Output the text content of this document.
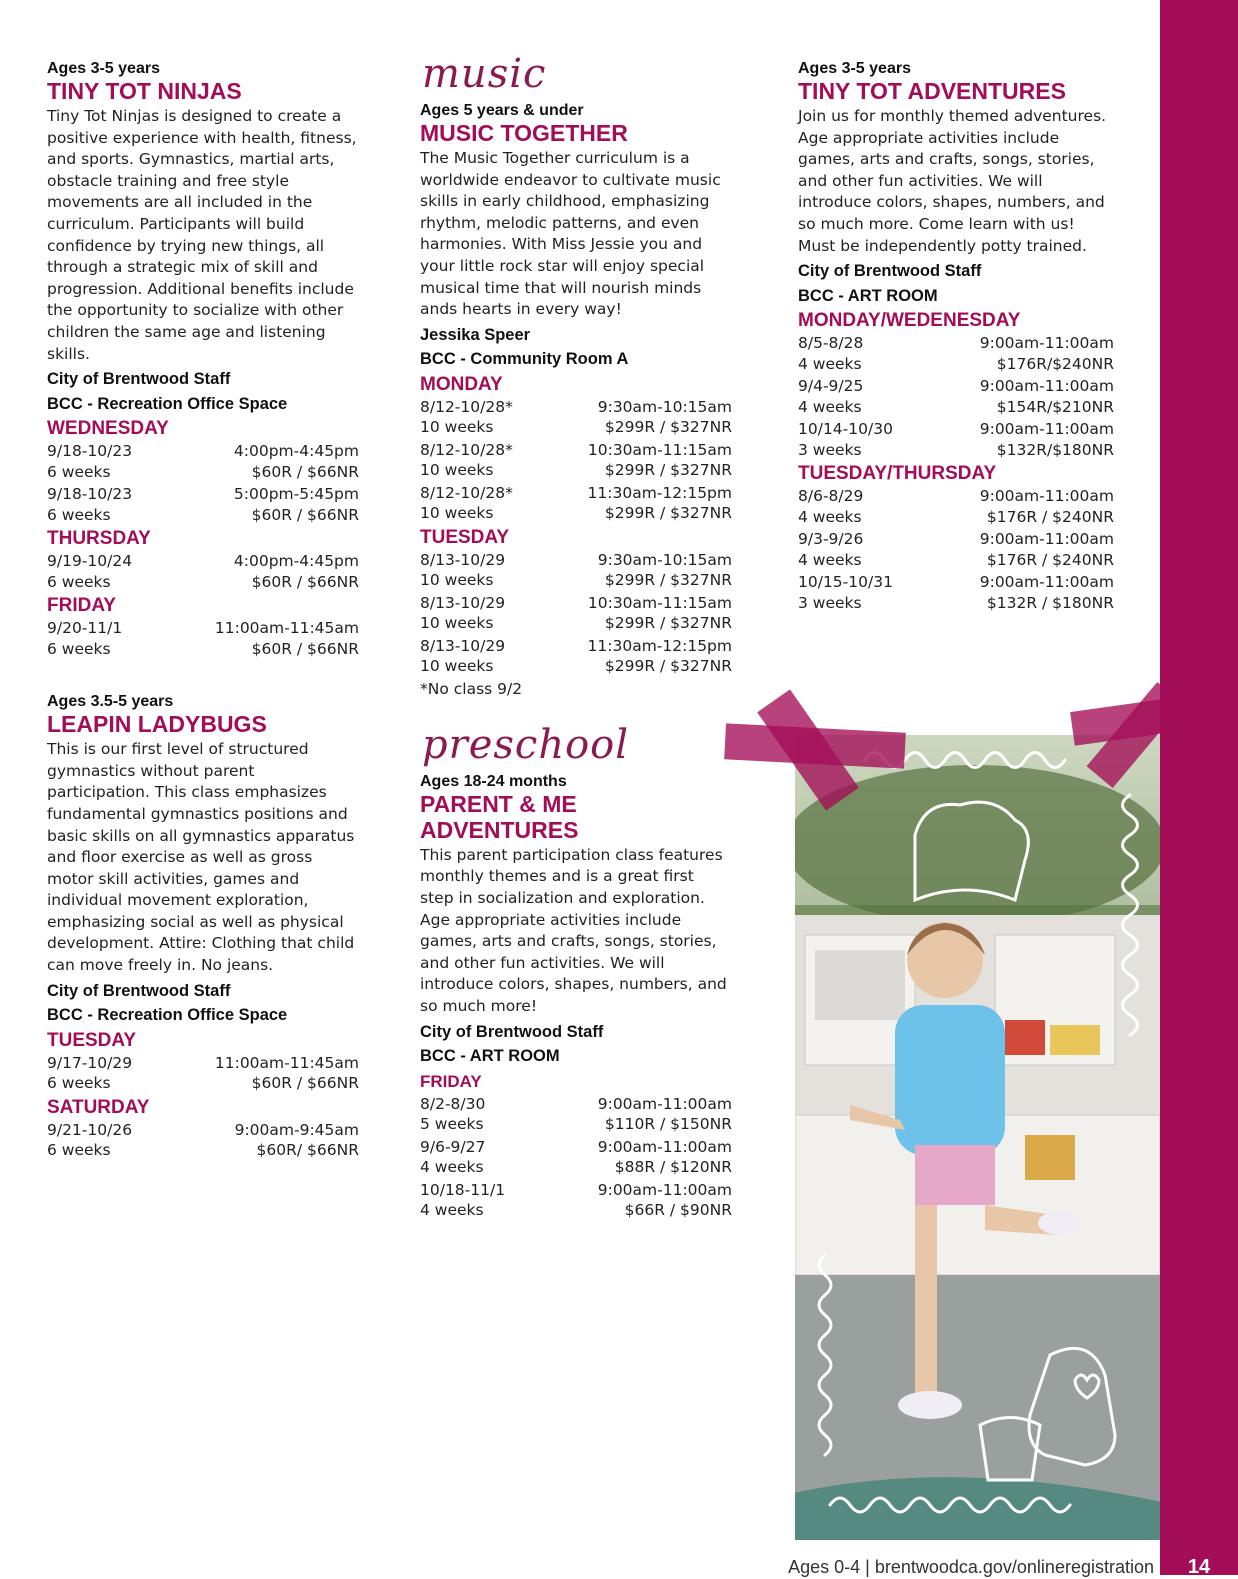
Ages 3-5 years
TINY TOT NINJAS
Tiny Tot Ninjas is designed to create a positive experience with health, fitness, and sports. Gymnastics, martial arts, obstacle training and free style movements are all included in the curriculum. Participants will build confidence by trying new things, all through a strategic mix of skill and progression. Additional benefits include the opportunity to socialize with other children the same age and listening skills.
City of Brentwood Staff
BCC - Recreation Office Space
WEDNESDAY
9/18-10/23	4:00pm-4:45pm
6 weeks	$60R / $66NR
9/18-10/23	5:00pm-5:45pm
6 weeks	$60R / $66NR
THURSDAY
9/19-10/24	4:00pm-4:45pm
6 weeks	$60R / $66NR
FRIDAY
9/20-11/1	11:00am-11:45am
6 weeks	$60R / $66NR
Ages 3.5-5 years
LEAPIN LADYBUGS
This is our first level of structured gymnastics without parent participation. This class emphasizes fundamental gymnastics positions and basic skills on all gymnastics apparatus and floor exercise as well as gross motor skill activities, games and individual movement exploration, emphasizing social as well as physical development. Attire: Clothing that child can move freely in. No jeans.
City of Brentwood Staff
BCC - Recreation Office Space
TUESDAY
9/17-10/29	11:00am-11:45am
6 weeks	$60R / $66NR
SATURDAY
9/21-10/26	9:00am-9:45am
6 weeks	$60R/ $66NR
music
Ages 5 years & under
MUSIC TOGETHER
The Music Together curriculum is a worldwide endeavor to cultivate music skills in early childhood, emphasizing rhythm, melodic patterns, and even harmonies. With Miss Jessie you and your little rock star will enjoy special musical time that will nourish minds ands hearts in every way!
Jessika Speer
BCC - Community Room A
MONDAY
8/12-10/28*	9:30am-10:15am
10 weeks	$299R / $327NR
8/12-10/28*	10:30am-11:15am
10 weeks	$299R / $327NR
8/12-10/28*	11:30am-12:15pm
10 weeks	$299R / $327NR
TUESDAY
8/13-10/29	9:30am-10:15am
10 weeks	$299R / $327NR
8/13-10/29	10:30am-11:15am
10 weeks	$299R / $327NR
8/13-10/29	11:30am-12:15pm
10 weeks	$299R / $327NR
*No class 9/2
preschool
Ages 18-24 months
PARENT & ME ADVENTURES
This parent participation class features monthly themes and is a great first step in socialization and exploration. Age appropriate activities include games, arts and crafts, songs, stories, and other fun activities. We will introduce colors, shapes, numbers, and so much more!
City of Brentwood Staff
BCC - ART ROOM
FRIDAY
8/2-8/30	9:00am-11:00am
5 weeks	$110R / $150NR
9/6-9/27	9:00am-11:00am
4 weeks	$88R / $120NR
10/18-11/1	9:00am-11:00am
4 weeks	$66R / $90NR
Ages 3-5 years
TINY TOT ADVENTURES
Join us for monthly themed adventures. Age appropriate activities include games, arts and crafts, songs, stories, and other fun activities. We will introduce colors, shapes, numbers, and so much more. Come learn with us! Must be independently potty trained.
City of Brentwood Staff
BCC - ART ROOM
MONDAY/WEDENESDAY
8/5-8/28	9:00am-11:00am
4 weeks	$176R/$240NR
9/4-9/25	9:00am-11:00am
4 weeks	$154R/$210NR
10/14-10/30	9:00am-11:00am
3 weeks	$132R/$180NR
TUESDAY/THURSDAY
8/6-8/29	9:00am-11:00am
4 weeks	$176R / $240NR
9/3-9/26	9:00am-11:00am
4 weeks	$176R / $240NR
10/15-10/31	9:00am-11:00am
3 weeks	$132R / $180NR
Ages 0-4 | brentwoodca.gov/onlineregistration	14
